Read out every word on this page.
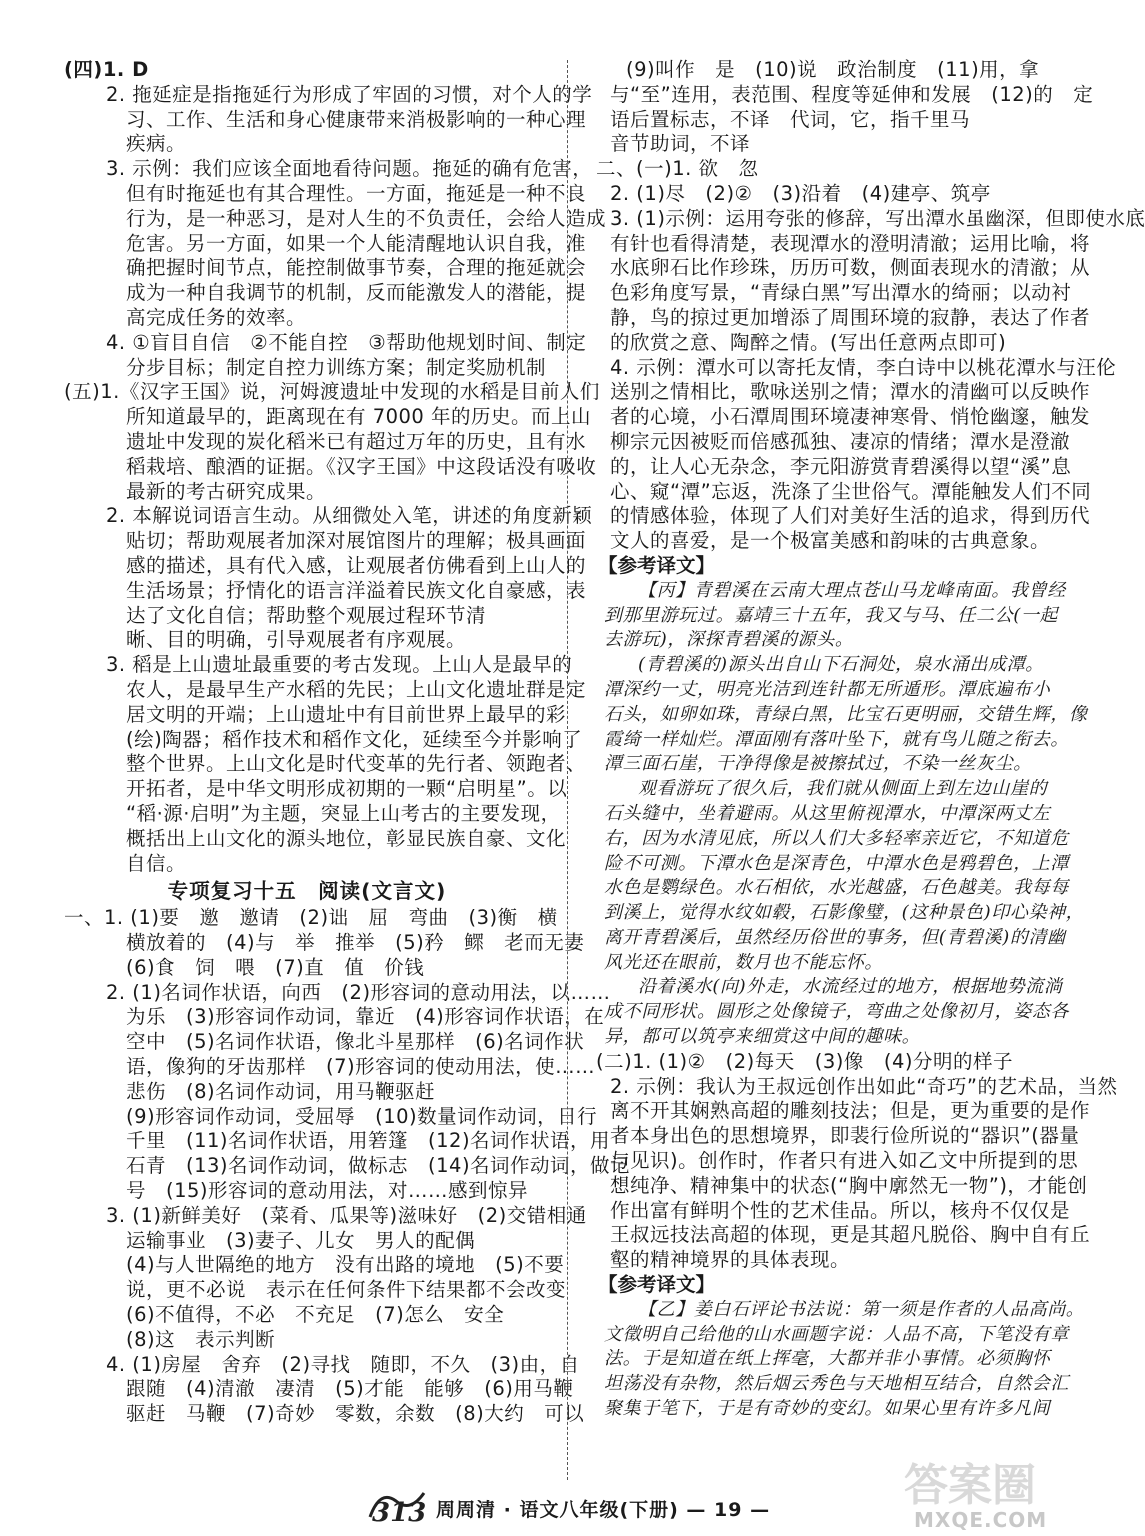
(四)1. D
2. 拖延症是指拖延行为形成了牢固的习惯，对个人的学
习、工作、生活和身心健康带来消极影响的一种心理
疾病。
3. 示例：我们应该全面地看待问题。拖延的确有危害，
但有时拖延也有其合理性。一方面，拖延是一种不良
行为，是一种恶习，是对人生的不负责任，会给人造成
危害。另一方面，如果一个人能清醒地认识自我，准
确把握时间节点，能控制做事节奏，合理的拖延就会
成为一种自我调节的机制，反而能激发人的潜能，提
高完成任务的效率。
4. ①盲目自信　②不能自控　③帮助他规划时间、制定
分步目标；制定自控力训练方案；制定奖励机制
(五)1.《汉字王国》说，河姆渡遗址中发现的水稻是目前人们
所知道最早的，距离现在有 7000 年的历史。而上山
遗址中发现的炭化稻米已有超过万年的历史，且有水
稻栽培、酿酒的证据。《汉字王国》中这段话没有吸收
最新的考古研究成果。
2. 本解说词语言生动。从细微处入笔，讲述的角度新颖
贴切；帮助观展者加深对展馆图片的理解；极具画面
感的描述，具有代入感，让观展者仿佛看到上山人的
生活场景；抒情化的语言洋溢着民族文化自豪感，表
达了文化自信；帮助整个观展过程环节清
晰、目的明确，引导观展者有序观展。
3. 稻是上山遗址最重要的考古发现。上山人是最早的
农人，是最早生产水稻的先民；上山文化遗址群是定
居文明的开端；上山遗址中有目前世界上最早的彩
(绘)陶器；稻作技术和稻作文化，延续至今并影响了
整个世界。上山文化是时代变革的先行者、领跑者、
开拓者，是中华文明形成初期的一颗“启明星”。以
“稻·源·启明”为主题，突显上山考古的主要发现，
概括出上山文化的源头地位，彰显民族自豪、文化
自信。
专项复习十五　阅读(文言文)
一、1. (1)要　邀　邀请　(2)诎　屈　弯曲　(3)衡　横
横放着的　(4)与　举　推举　(5)矜　鳏　老而无妻
(6)食　饲　喂　(7)直　值　价钱
2. (1)名词作状语，向西　(2)形容词的意动用法，以……
为乐　(3)形容词作动词，靠近　(4)形容词作状语，在
空中　(5)名词作状语，像北斗星那样　(6)名词作状
语，像狗的牙齿那样　(7)形容词的使动用法，使……
悲伤　(8)名词作动词，用马鞭驱赶
(9)形容词作动词，受屈辱　(10)数量词作动词，日行
千里　(11)名词作状语，用箬篷　(12)名词作状语，用
石青　(13)名词作动词，做标志　(14)名词作动词，做记
号　(15)形容词的意动用法，对……感到惊异
3. (1)新鲜美好　(菜肴、瓜果等)滋味好　(2)交错相通
运输事业　(3)妻子、儿女　男人的配偶
(4)与人世隔绝的地方　没有出路的境地　(5)不要
说，更不必说　表示在任何条件下结果都不会改变
(6)不值得，不必　不充足　(7)怎么　安全
(8)这　表示判断
4. (1)房屋　舍弃　(2)寻找　随即，不久　(3)由，自
跟随　(4)清澈　凄清　(5)才能　能够　(6)用马鞭
驱赶　马鞭　(7)奇妙　零数，余数　(8)大约　可以
(9)叫作　是　(10)说　政治制度　(11)用，拿
与“至”连用，表范围、程度等延伸和发展　(12)的　定
语后置标志，不译　代词，它，指千里马
音节助词，不译
二、(一)1. 欲　忽
2. (1)尽　(2)②　(3)沿着　(4)建亭、筑亭
3. (1)示例：运用夸张的修辞，写出潭水虽幽深，但即使水底
有针也看得清楚，表现潭水的澄明清澈；运用比喻，将
水底卵石比作珍珠，历历可数，侧面表现水的清澈；从
色彩角度写景，“青绿白黑”写出潭水的绮丽；以动衬
静，鸟的掠过更加增添了周围环境的寂静，表达了作者
的欣赏之意、陶醉之情。(写出任意两点即可)
4. 示例：潭水可以寄托友情，李白诗中以桃花潭水与汪伦
送别之情相比，歌咏送别之情；潭水的清幽可以反映作
者的心境，小石潭周围环境凄神寒骨、悄怆幽邃，触发
柳宗元因被贬而倍感孤独、凄凉的情绪；潭水是澄澈
的，让人心无杂念，李元阳游赏青碧溪得以望“溪”息
心、窥“潭”忘返，洗涤了尘世俗气。潭能触发人们不同
的情感体验，体现了人们对美好生活的追求，得到历代
文人的喜爱，是一个极富美感和韵味的古典意象。
【参考译文】
【丙】青碧溪在云南大理点苍山马龙峰南面。我曾经
到那里游玩过。嘉靖三十五年，我又与马、任二公(一起
去游玩)，深探青碧溪的源头。
(青碧溪的)源头出自山下石洞处，泉水涌出成潭。
潭深约一丈，明亮光洁到连针都无所遁形。潭底遍布小
石头，如卵如珠，青绿白黑，比宝石更明丽，交错生辉，像
霞绮一样灿烂。潭面刚有落叶坠下，就有鸟儿随之衔去。
潭三面石崖，干净得像是被擦拭过，不染一丝灰尘。
观看游玩了很久后，我们就从侧面上到左边山崖的
石头缝中，坐着避雨。从这里俯视潭水，中潭深两丈左
右，因为水清见底，所以人们大多轻率亲近它，不知道危
险不可测。下潭水色是深青色，中潭水色是鸦碧色，上潭
水色是鹦绿色。水石相依，水光越盛，石色越美。我每每
到溪上，觉得水纹如毂，石影像璧，(这种景色)印心染神，
离开青碧溪后，虽然经历俗世的事务，但(青碧溪)的清幽
风光还在眼前，数月也不能忘怀。
沿着溪水(向)外走，水流经过的地方，根据地势流淌
成不同形状。圆形之处像镜子，弯曲之处像初月，姿态各
异，都可以筑亭来细赏这中间的趣味。
(二)1. (1)②　(2)每天　(3)像　(4)分明的样子
2. 示例：我认为王叔远创作出如此“奇巧”的艺术品，当然
离不开其娴熟高超的雕刻技法；但是，更为重要的是作
者本身出色的思想境界，即裴行俭所说的“器识”(器量
与见识)。创作时，作者只有进入如乙文中所提到的思
想纯净、精神集中的状态(“胸中廓然无一物”)，才能创
作出富有鲜明个性的艺术佳品。所以，核舟不仅仅是
王叔远技法高超的体现，更是其超凡脱俗、胸中自有丘
壑的精神境界的具体表现。
【参考译文】
【乙】姜白石评论书法说：第一须是作者的人品高尚。
文徵明自己给他的山水画题字说：人品不高，下笔没有章
法。于是知道在纸上挥毫，大都并非小事情。必须胸怀
坦荡没有杂物，然后烟云秀色与天地相互结合，自然会汇
聚集于笔下，于是有奇妙的变幻。如果心里有许多凡间
313 周周清 · 语文八年级(下册) — 19 —	答案圈
MXQE.COM
